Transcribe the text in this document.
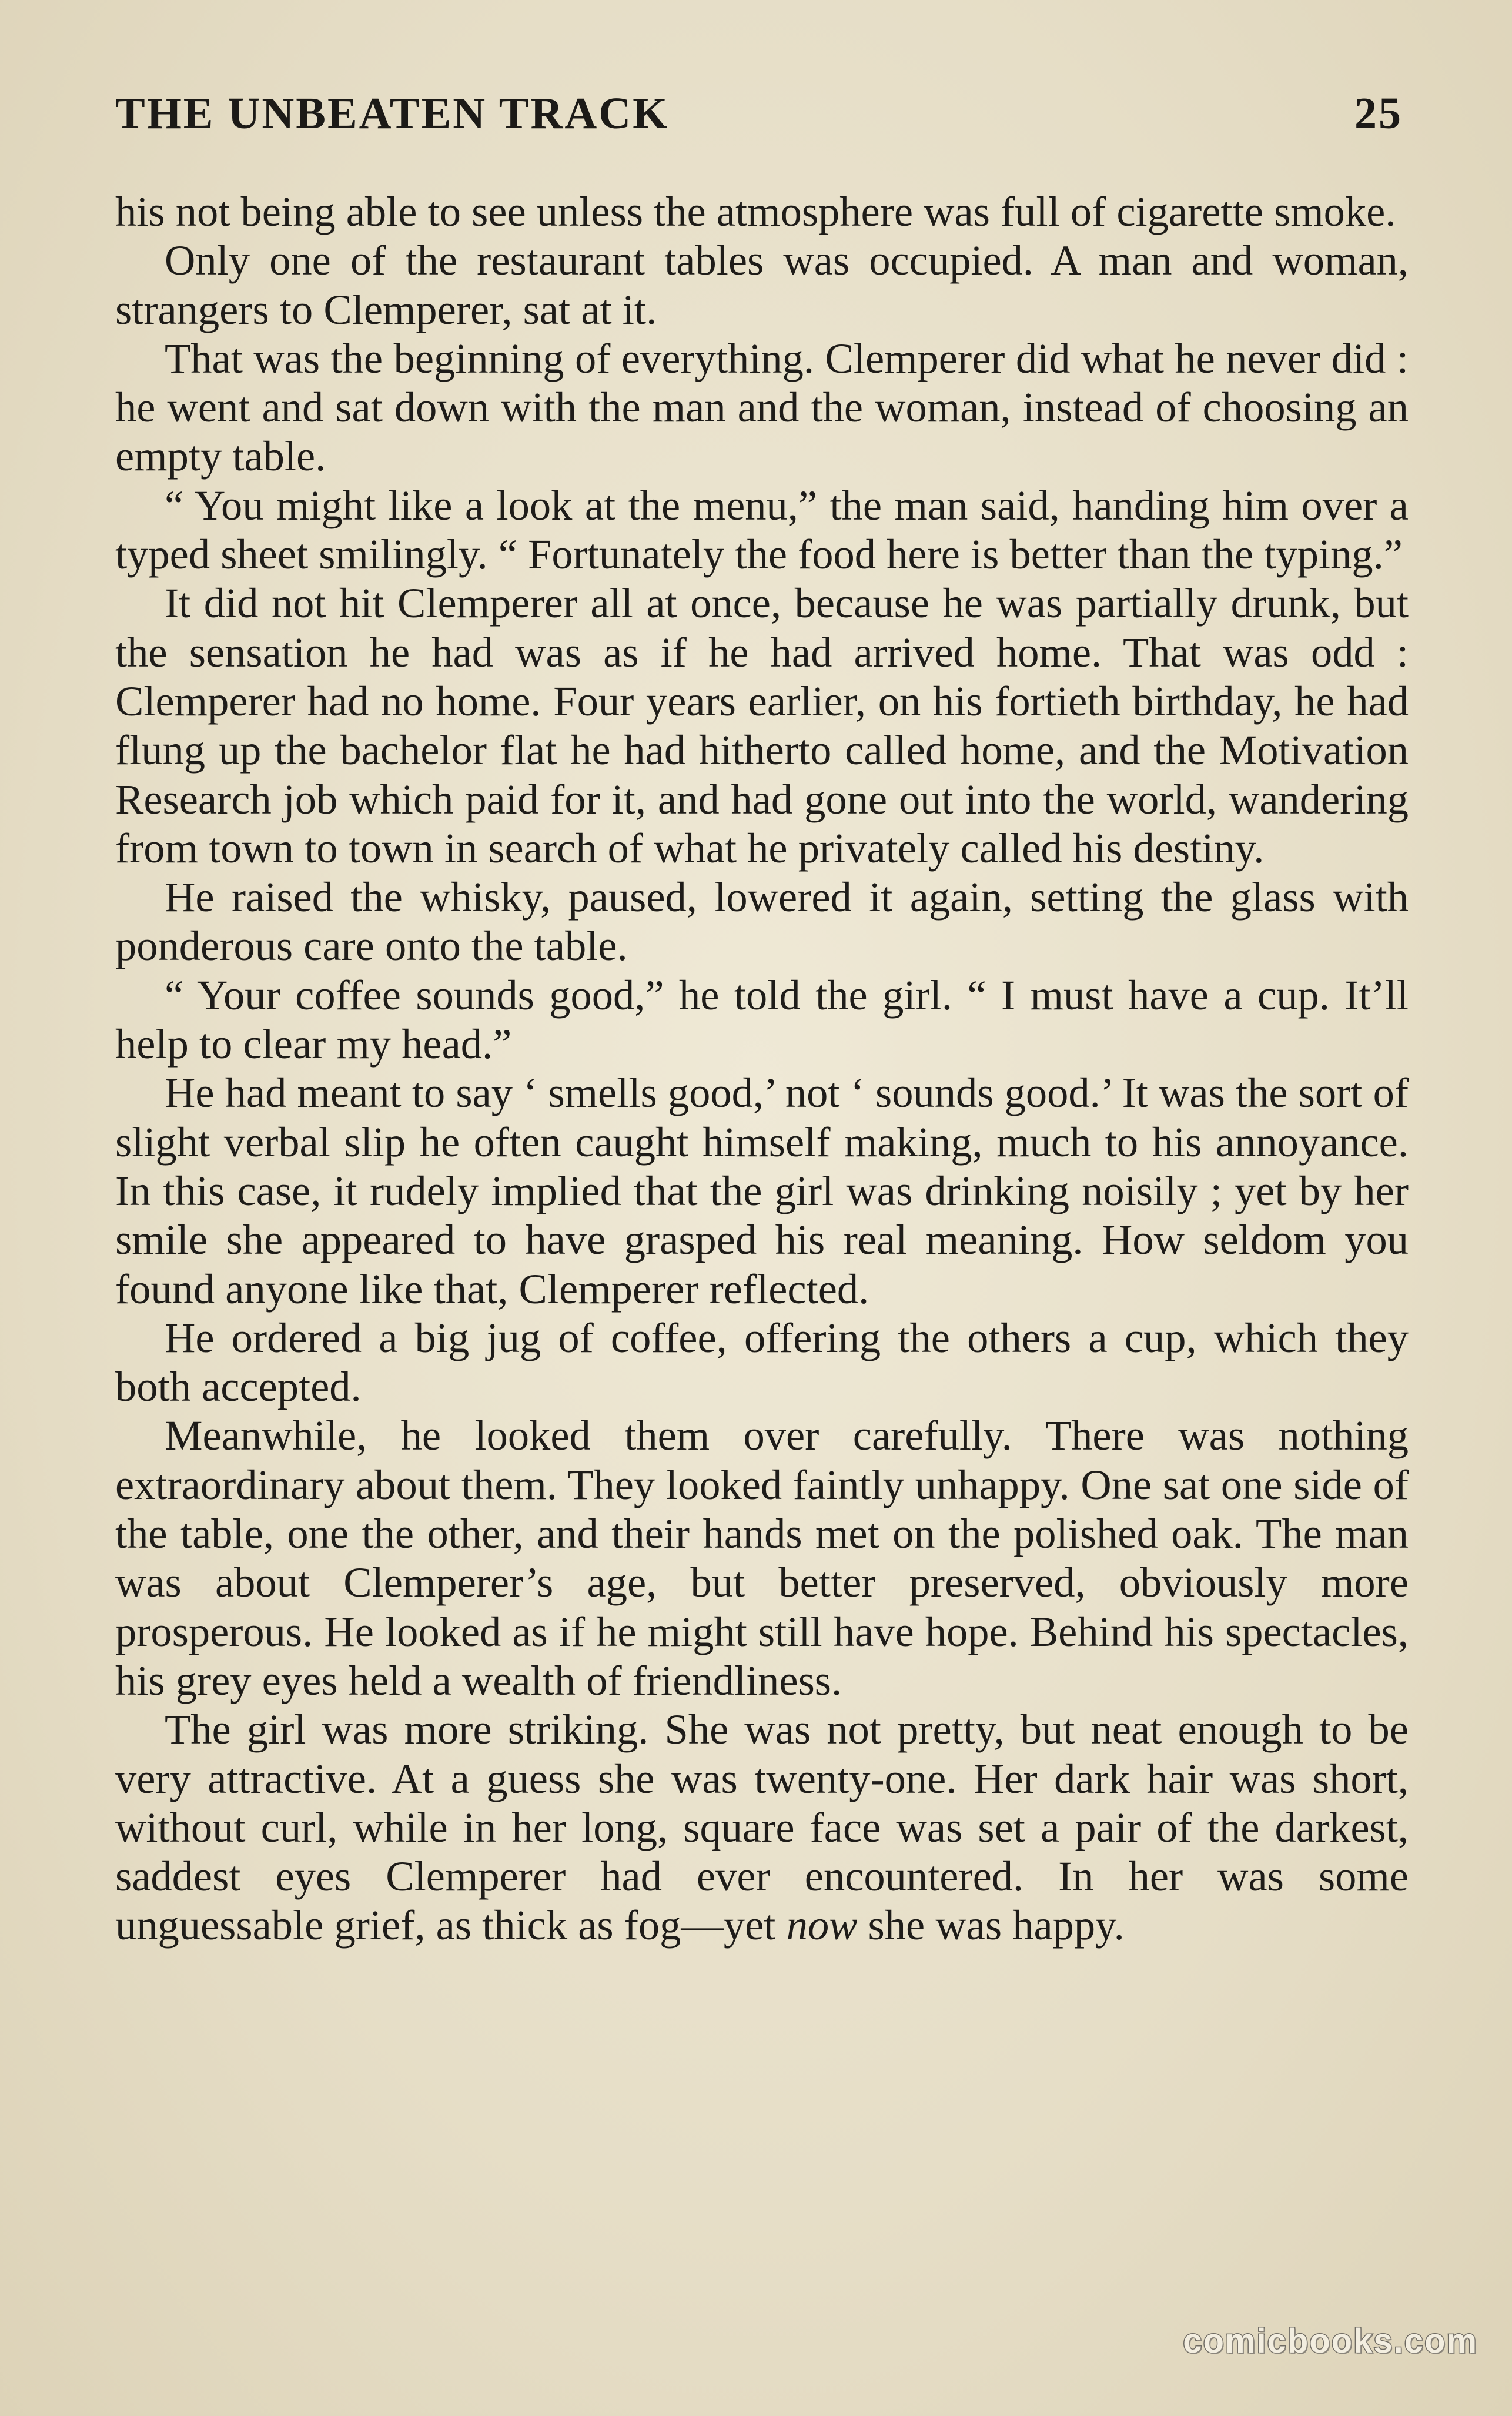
THE UNBEATEN TRACK	25

his not being able to see unless the atmosphere was full of cigarette smoke.

Only one of the restaurant tables was occupied. A man and woman, strangers to Clemperer, sat at it.

That was the beginning of everything. Clemperer did what he never did : he went and sat down with the man and the woman, instead of choosing an empty table.

“ You might like a look at the menu,” the man said, handing him over a typed sheet smilingly. “ Fortunately the food here is better than the typing.”

It did not hit Clemperer all at once, because he was partially drunk, but the sensation he had was as if he had arrived home. That was odd : Clemperer had no home. Four years earlier, on his fortieth birthday, he had flung up the bachelor flat he had hitherto called home, and the Motivation Research job which paid for it, and had gone out into the world, wandering from town to town in search of what he privately called his destiny.

He raised the whisky, paused, lowered it again, setting the glass with ponderous care onto the table.

“ Your coffee sounds good,” he told the girl. “ I must have a cup. It’ll help to clear my head.”

He had meant to say ‘ smells good,’ not ‘ sounds good.’ It was the sort of slight verbal slip he often caught himself making, much to his annoyance. In this case, it rudely implied that the girl was drinking noisily ; yet by her smile she appeared to have grasped his real meaning. How seldom you found anyone like that, Clemperer reflected.

He ordered a big jug of coffee, offering the others a cup, which they both accepted.

Meanwhile, he looked them over carefully. There was nothing extraordinary about them. They looked faintly unhappy. One sat one side of the table, one the other, and their hands met on the polished oak. The man was about Clemperer’s age, but better preserved, obviously more prosperous. He looked as if he might still have hope. Behind his spectacles, his grey eyes held a wealth of friendliness.

The girl was more striking. She was not pretty, but neat enough to be very attractive. At a guess she was twenty-one. Her dark hair was short, without curl, while in her long, square face was set a pair of the darkest, saddest eyes Clemperer had ever encountered. In her was some unguessable grief, as thick as fog—yet now she was happy.

comicbooks.com
